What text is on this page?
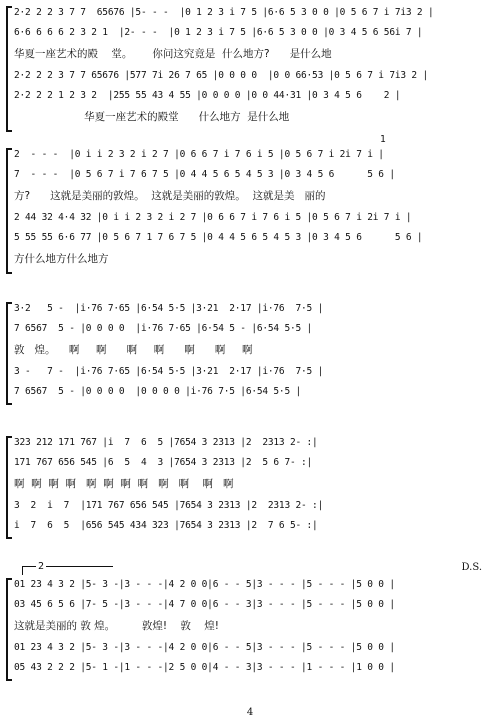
2·2 2 2 3 7 7  65676 |5- - -  |0 1 2 3 i 7 5 |6·6 5 3 0 0 |0 5 6 7 i 7i3 2 |
6·6 6 6 6 2 3 2 1  |2- - -  |0 1 2 3 i 7 5 |6·6 5 3 0 0 |0 3 4 5 6 56i 7 |
华夏一座艺术的殿    堂。      你问这究竟是  什么地方?      是什么地
2·2 2 2 3 7 7 65676 |577 7i 26 7 65 |0 0 0 0  |0 0 66·53 |0 5 6 7 i 7i3 2 |
2·2 2 2 1 2 3 2  |255 55 43 4 55 |0 0 0 0 |0 0 44·31 |0 3 4 5 6    2 |
华夏一座艺术的殿堂      什么地方  是什么地
2  - - -  |0 i i 2 3 2 i 2 7 |0 6 6 7 i 7 6 i 5 |0 5 6 7 i 2i 7 i |
7  - - -  |0 5 6 7 i 7 6 7 5 |0 4 4 5 6 5 4 5 3 |0 3 4 5 6      5 6 |
方?      这就是美丽的敦煌。  这就是美丽的敦煌。  这就是美   丽的
2 44 32 4·4 32 |0 i i 2 3 2 i 2 7 |0 6 6 7 i 7 6 i 5 |0 5 6 7 i 2i 7 i |
5 55 55 6·6 77 |0 5 6 7 1 7 6 7 5 |0 4 4 5 6 5 4 5 3 |0 3 4 5 6      5 6 |
方什么地方什么地方
3·2   5 -  |i·76 7·65 |6·54 5·5 |3·21  2·17 |i·76  7·5 |
7 6567  5 - |0 0 0 0  |i·76 7·65 |6·54 5 - |6·54 5·5 |
敦   煌。    啊     啊      啊     啊      啊      啊     啊
3 -   7 -  |i·76 7·65 |6·54 5·5 |3·21  2·17 |i·76  7·5 |
7 6567  5 - |0 0 0 0  |0 0 0 0 |i·76 7·5 |6·54 5·5 |
323 212 171 767 |i  7  6  5 |7654 3 2313 |2  2313 2- :|
171 767 656 545 |6  5  4  3 |7654 3 2313 |2  5 6 7- :|
啊  啊  啊  啊   啊  啊  啊  啊   啊   啊    啊   啊
3  2  i  7  |171 767 656 545 |7654 3 2313 |2  2313 2- :|
i  7  6  5  |656 545 434 323 |7654 3 2313 |2  7 6 5- :|
01 23 4 3 2 |5- 3 -|3 - - -|4 2 0 0|6 - - 5|3 - - - |5 - - - |5 0 0 |
03 45 6 5 6 |7- 5 -|3 - - -|4 7 0 0|6 - - 3|3 - - - |5 - - - |5 0 0 |
这就是美丽的 敦 煌。        敦煌!    敦    煌!
01 23 4 3 2 |5- 3 -|3 - - -|4 2 0 0|6 - - 5|3 - - - |5 - - - |5 0 0 |
05 43 2 2 2 |5- 1 -|1 - - -|2 5 0 0|4 - - 3|3 - - - |1 - - - |1 0 0 |
2	D.S.
1
4
